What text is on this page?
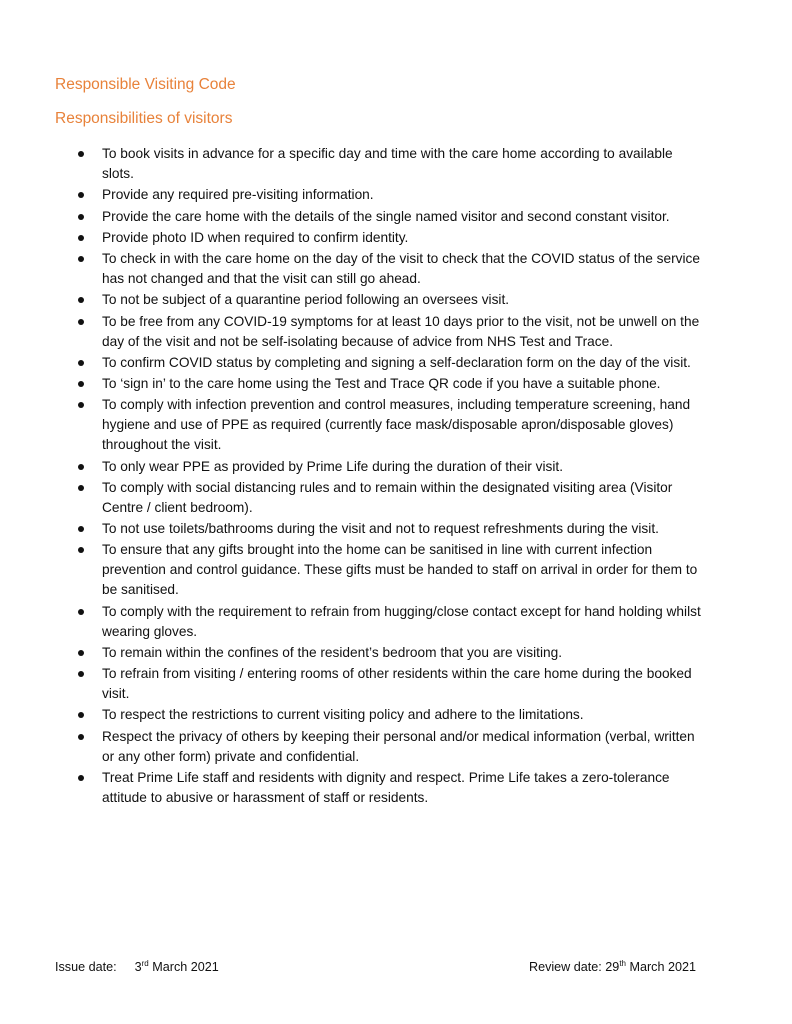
Responsible Visiting Code
Responsibilities of visitors
To book visits in advance for a specific day and time with the care home according to available slots.
Provide any required pre-visiting information.
Provide the care home with the details of the single named visitor and second constant visitor.
Provide photo ID when required to confirm identity.
To check in with the care home on the day of the visit to check that the COVID status of the service has not changed and that the visit can still go ahead.
To not be subject of a quarantine period following an oversees visit.
To be free from any COVID-19 symptoms for at least 10 days prior to the visit, not be unwell on the day of the visit and not be self-isolating because of advice from NHS Test and Trace.
To confirm COVID status by completing and signing a self-declaration form on the day of the visit.
To ‘sign in’ to the care home using the Test and Trace QR code if you have a suitable phone.
To comply with infection prevention and control measures, including temperature screening, hand hygiene and use of PPE as required (currently face mask/disposable apron/disposable gloves) throughout the visit.
To only wear PPE as provided by Prime Life during the duration of their visit.
To comply with social distancing rules and to remain within the designated visiting area (Visitor Centre / client bedroom).
To not use toilets/bathrooms during the visit and not to request refreshments during the visit.
To ensure that any gifts brought into the home can be sanitised in line with current infection prevention and control guidance. These gifts must be handed to staff on arrival in order for them to be sanitised.
To comply with the requirement to refrain from hugging/close contact except for hand holding whilst wearing gloves.
To remain within the confines of the resident’s bedroom that you are visiting.
To refrain from visiting / entering rooms of other residents within the care home during the booked visit.
To respect the restrictions to current visiting policy and adhere to the limitations.
Respect the privacy of others by keeping their personal and/or medical information (verbal, written or any other form) private and confidential.
Treat Prime Life staff and residents with dignity and respect. Prime Life takes a zero-tolerance attitude to abusive or harassment of staff or residents.
Issue date: 3rd March 2021	Review date: 29th March 2021
